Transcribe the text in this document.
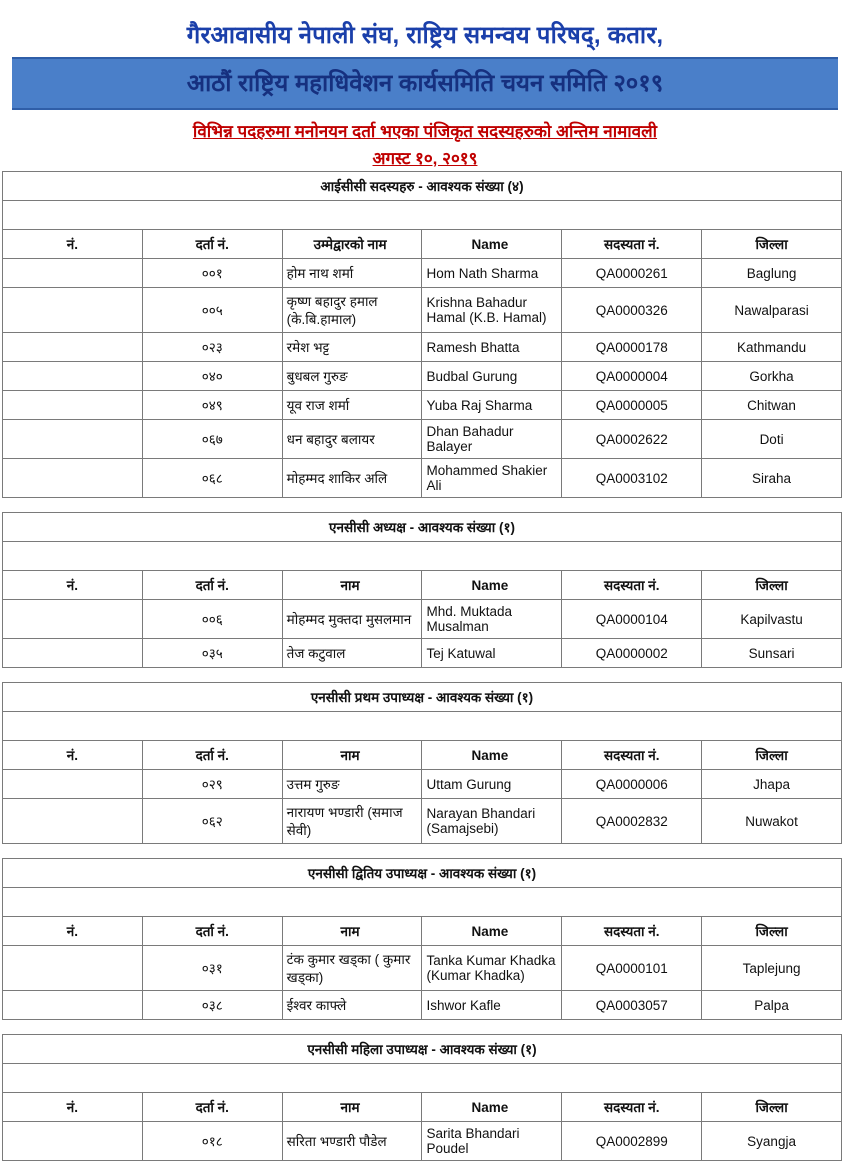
गैरआवासीय नेपाली संघ, राष्ट्रिय समन्वय परिषद्, कतार,
आठौं राष्ट्रिय महाधिवेशन कार्यसमिति चयन समिति २०१९
विभिन्न पदहरुमा मनोनयन दर्ता भएका पंजिकृत सदस्यहरुको अन्तिम नामावली
अगस्ट १०, २०१९
आईसीसी सदस्यहरु - आवश्यक संख्या (४)					

नं.	दर्ता नं.	उम्मेद्वारको नाम	Name	सदस्यता नं.	जिल्ला
	००१	होम नाथ शर्मा	Hom Nath Sharma	QA0000261	Baglung
	००५	कृष्ण बहादुर हमाल (के.बि.हामाल)	Krishna Bahadur Hamal (K.B. Hamal)	QA0000326	Nawalparasi
	०२३	रमेश भट्ट	Ramesh Bhatta	QA0000178	Kathmandu
	०४०	बुधबल गुरुङ	Budbal Gurung	QA0000004	Gorkha
	०४९	यूव राज शर्मा	Yuba Raj Sharma	QA0000005	Chitwan
	०६७	धन बहादुर बलायर	Dhan Bahadur Balayer	QA0002622	Doti
	०६८	मोहम्मद शाकिर अलि	Mohammed Shakier Ali	QA0003102	Siraha
एनसीसी अध्यक्ष - आवश्यक संख्या (१)					

नं.	दर्ता नं.	नाम	Name	सदस्यता नं.	जिल्ला
	००६	मोहम्मद मुक्तदा मुसलमान	Mhd. Muktada Musalman	QA0000104	Kapilvastu
	०३५	तेज कटुवाल	Tej Katuwal	QA0000002	Sunsari
एनसीसी प्रथम उपाध्यक्ष - आवश्यक संख्या (१)					

नं.	दर्ता नं.	नाम	Name	सदस्यता नं.	जिल्ला
	०२९	उत्तम गुरुङ	Uttam Gurung	QA0000006	Jhapa
	०६२	नारायण भण्डारी (समाज सेवी)	Narayan Bhandari (Samajsebi)	QA0002832	Nuwakot
एनसीसी द्वितिय उपाध्यक्ष - आवश्यक संख्या (१)					

नं.	दर्ता नं.	नाम	Name	सदस्यता नं.	जिल्ला
	०३१	टंक कुमार खड्का ( कुमार खड्का)	Tanka Kumar Khadka (Kumar Khadka)	QA0000101	Taplejung
	०३८	ईश्वर काफ्ले	Ishwor Kafle	QA0003057	Palpa
एनसीसी महिला उपाध्यक्ष - आवश्यक संख्या (१)					

नं.	दर्ता नं.	नाम	Name	सदस्यता नं.	जिल्ला
	०१८	सरिता भण्डारी पौडेल	Sarita Bhandari Poudel	QA0002899	Syangja
